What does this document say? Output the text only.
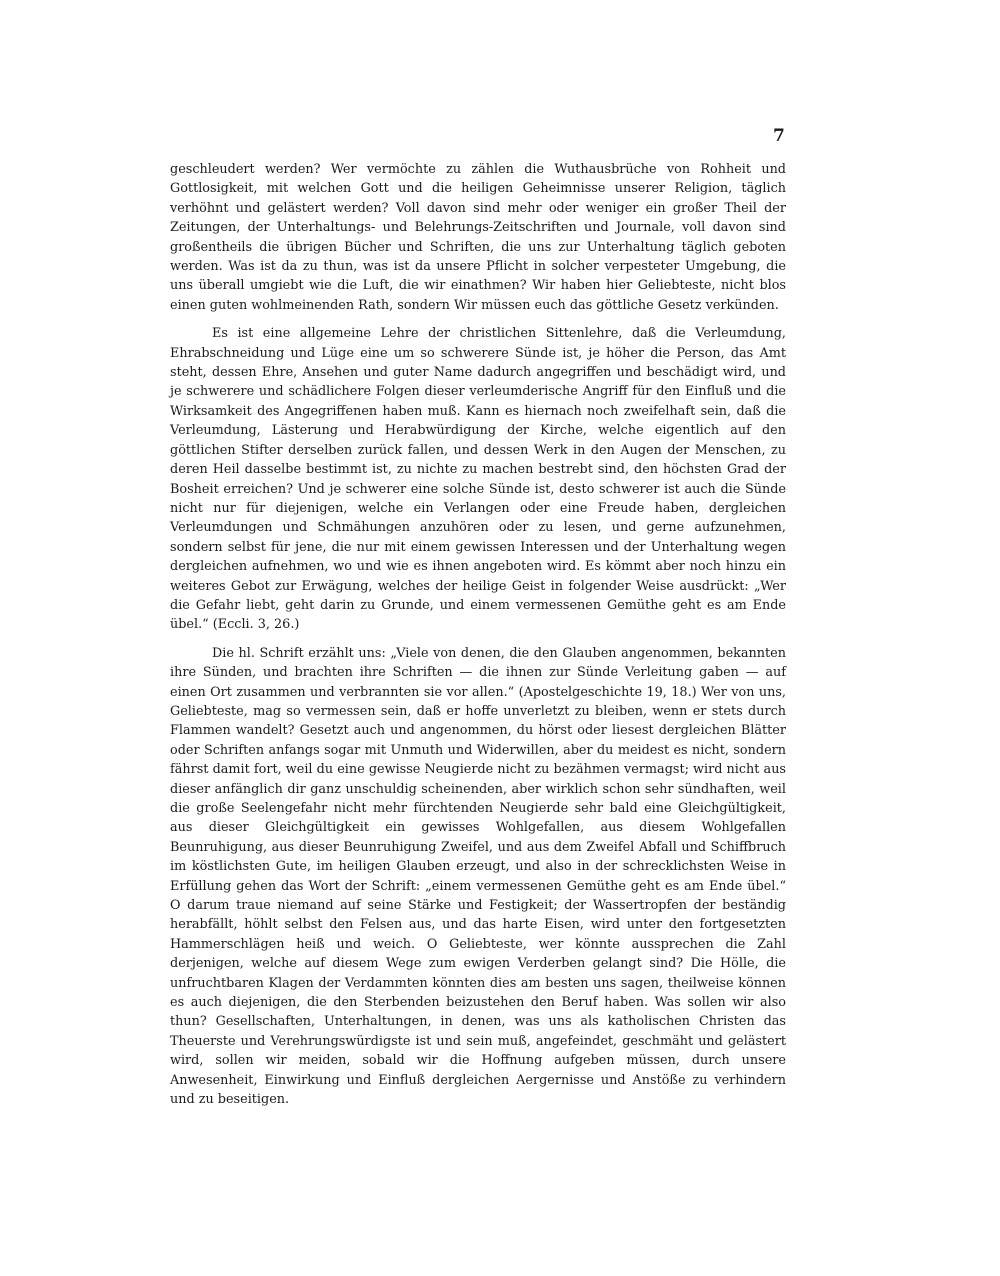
7

geschleudert werden? Wer vermöchte zu zählen die Wuthausbrüche von Rohheit und Gottlosigkeit, mit welchen Gott und die heiligen Geheimnisse unserer Religion, täglich verhöhnt und gelästert werden? Voll davon sind mehr oder weniger ein großer Theil der Zeitungen, der Unterhaltungs- und Belehrungs-Zeitschriften und Journale, voll davon sind großentheils die übrigen Bücher und Schriften, die uns zur Unterhaltung täglich geboten werden. Was ist da zu thun, was ist da unsere Pflicht in solcher verpesteter Umgebung, die uns überall umgiebt wie die Luft, die wir einathmen? Wir haben hier Geliebteste, nicht blos einen guten wohlmeinenden Rath, sondern Wir müssen euch das göttliche Gesetz verkünden.

Es ist eine allgemeine Lehre der christlichen Sittenlehre, daß die Verleumdung, Ehrabschneidung und Lüge eine um so schwerere Sünde ist, je höher die Person, das Amt steht, dessen Ehre, Ansehen und guter Name dadurch angegriffen und beschädigt wird, und je schwerere und schädlichere Folgen dieser verleumderische Angriff für den Einfluß und die Wirksamkeit des Angegriffenen haben muß. Kann es hiernach noch zweifelhaft sein, daß die Verleumdung, Lästerung und Herabwürdigung der Kirche, welche eigentlich auf den göttlichen Stifter derselben zurück fallen, und dessen Werk in den Augen der Menschen, zu deren Heil dasselbe bestimmt ist, zu nichte zu machen bestrebt sind, den höchsten Grad der Bosheit erreichen? Und je schwerer eine solche Sünde ist, desto schwerer ist auch die Sünde nicht nur für diejenigen, welche ein Verlangen oder eine Freude haben, dergleichen Verleumdungen und Schmähungen anzuhören oder zu lesen, und gerne aufzunehmen, sondern selbst für jene, die nur mit einem gewissen Interessen und der Unterhaltung wegen dergleichen aufnehmen, wo und wie es ihnen angeboten wird. Es kömmt aber noch hinzu ein weiteres Gebot zur Erwägung, welches der heilige Geist in folgender Weise ausdrückt: „Wer die Gefahr liebt, geht darin zu Grunde, und einem vermessenen Gemüthe geht es am Ende übel.“ (Eccli. 3, 26.)

Die hl. Schrift erzählt uns: „Viele von denen, die den Glauben angenommen, bekannten ihre Sünden, und brachten ihre Schriften — die ihnen zur Sünde Verleitung gaben — auf einen Ort zusammen und verbrannten sie vor allen.“ (Apostelgeschichte 19, 18.) Wer von uns, Geliebteste, mag so vermessen sein, daß er hoffe unverletzt zu bleiben, wenn er stets durch Flammen wandelt? Gesetzt auch und angenommen, du hörst oder liesest dergleichen Blätter oder Schriften anfangs sogar mit Unmuth und Widerwillen, aber du meidest es nicht, sondern fährst damit fort, weil du eine gewisse Neugierde nicht zu bezähmen vermagst; wird nicht aus dieser anfänglich dir ganz unschuldig scheinenden, aber wirklich schon sehr sündhaften, weil die große Seelengefahr nicht mehr fürchtenden Neugierde sehr bald eine Gleichgültigkeit, aus dieser Gleichgültigkeit ein gewisses Wohlgefallen, aus diesem Wohlgefallen Beunruhigung, aus dieser Beunruhigung Zweifel, und aus dem Zweifel Abfall und Schiffbruch im köstlichsten Gute, im heiligen Glauben erzeugt, und also in der schrecklichsten Weise in Erfüllung gehen das Wort der Schrift: „einem vermessenen Gemüthe geht es am Ende übel.“ O darum traue niemand auf seine Stärke und Festigkeit; der Wassertropfen der beständig herabfällt, höhlt selbst den Felsen aus, und das harte Eisen, wird unter den fortgesetzten Hammerschlägen heiß und weich. O Geliebteste, wer könnte aussprechen die Zahl derjenigen, welche auf diesem Wege zum ewigen Verderben gelangt sind? Die Hölle, die unfruchtbaren Klagen der Verdammten könnten dies am besten uns sagen, theilweise können es auch diejenigen, die den Sterbenden beizustehen den Beruf haben. Was sollen wir also thun? Gesellschaften, Unterhaltungen, in denen, was uns als katholischen Christen das Theuerste und Verehrungswürdigste ist und sein muß, angefeindet, geschmäht und gelästert wird, sollen wir meiden, sobald wir die Hoffnung aufgeben müssen, durch unsere Anwesenheit, Einwirkung und Einfluß dergleichen Aergernisse und Anstöße zu verhindern und zu beseitigen.
